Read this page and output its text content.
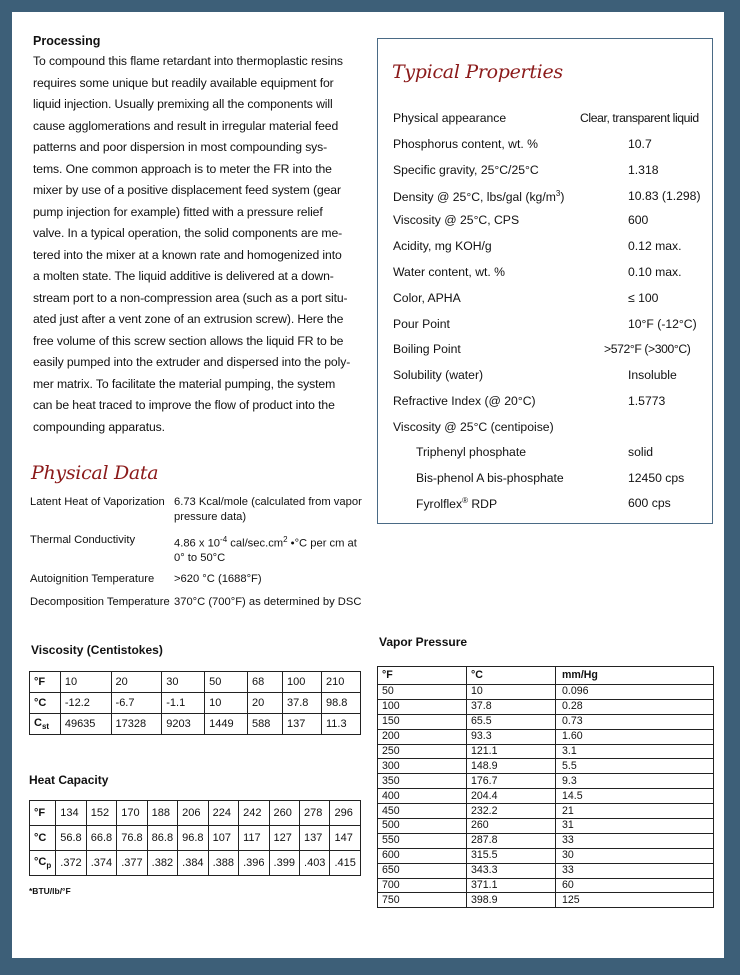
Processing
To compound this flame retardant into thermoplastic resins
requires some unique but readily available equipment for
liquid injection. Usually premixing all the components will
cause agglomerations and result in irregular material feed
patterns and poor dispersion in most compounding sys-
tems. One common approach is to meter the FR into the
mixer by use of a positive displacement feed system (gear
pump injection for example) fitted with a pressure relief
valve. In a typical operation, the solid components are me-
tered into the mixer at a known rate and homogenized into
a molten state. The liquid additive is delivered at a down-
stream port to a non-compression area (such as a port situ-
ated just after a vent zone of an extrusion screw). Here the
free volume of this screw section allows the liquid FR to be
easily pumped into the extruder and dispersed into the poly-
mer matrix. To facilitate the material pumping, the system
can be heat traced to improve the flow of product into the
compounding apparatus.
Typical Properties
Physical appearance	Clear, transparent liquid
Phosphorus content, wt. %	10.7
Specific gravity, 25°C/25°C	1.318
Density @ 25°C, lbs/gal $(kg/m^3)$	10.83 (1.298)
Viscosity @ 25°C, CPS	600
Acidity, mg KOH/g	0.12 max.
Water content, wt. %	0.10 max.
Color, APHA	≤ 100
Pour Point	10°F (-12°C)
Boiling Point	>572°F (>300°C)
Solubility (water)	Insoluble
Refractive Index (@ 20°C)	1.5773
Viscosity @ 25°C (centipoise)
Triphenyl phosphate	solid
Bis-phenol A bis-phosphate	12450 cps
Fyrolflex® RDP	600 cps
Physical Data
Latent Heat of Vaporization 6.73 Kcal/mole (calculated from vapor
pressure data)
Thermal Conductivity	4.86 x $10^{-4}$ cal/$\sec.cm^2$ •°C per cm at
0° to 50°C
Autoignition Temperature >620 °C (1688°F)
Decomposition Temperature 370°C (700°F) as determined by DSC
Viscosity (Centistokes)
°F	10	20	30	50	68	100	210
°C	-12.2	-6.7	-1.1	10	20	37.8	98.8
$C_{st}$	49635	17328	9203	1449	588	137	11.3
Heat Capacity
°F	134	152	170	188	206	224	242	260	278	296
°C	56.8	66.8	76.8	86.8	96.8	107	117	127	137	147
$^\circ C_p$	.372	.374	.377	.382	.384	.388	.396	.399	.403	.415
*BTU/lb/°F
Vapor Pressure
°F	°C	mm/Hg
50	10	0.096
100	37.8	0.28
150	65.5	0.73
200	93.3	1.60
250	121.1	3.1
300	148.9	5.5
350	176.7	9.3
400	204.4	14.5
450	232.2	21
500	260	31
550	287.8	33
600	315.5	30
650	343.3	33
700	371.1	60
750	398.9	125
